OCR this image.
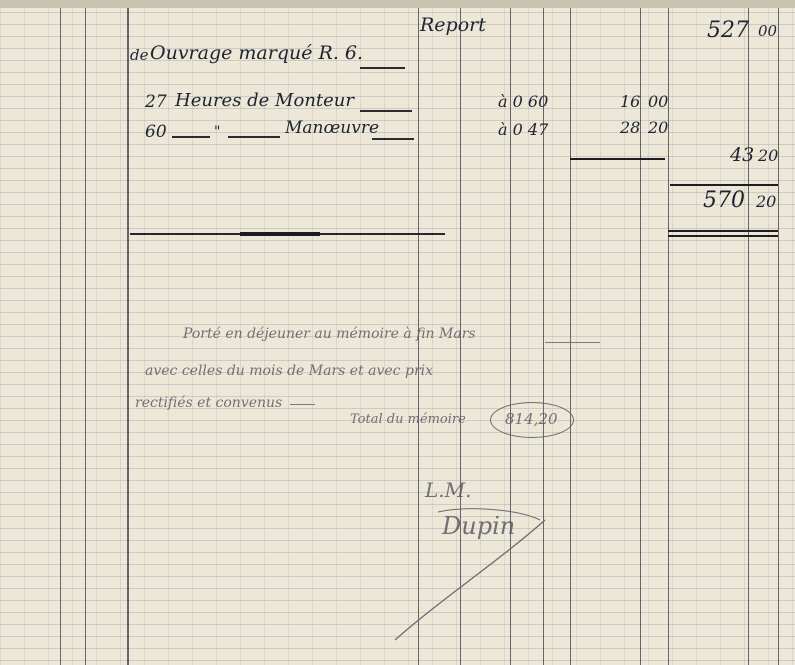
Report	527 00
de Ouvrage marqué R. 6.
27 Heures de Monteur	à 0 60	16 00
60	"	Manœuvre	à 0 47	28 20
43 20
570 20
Porté en déjeuner au mémoire à fin Mars
avec celles du mois de Mars et avec prix
rectifiés et convenus
Total du mémoire	814,20
L.M.
Dupin
